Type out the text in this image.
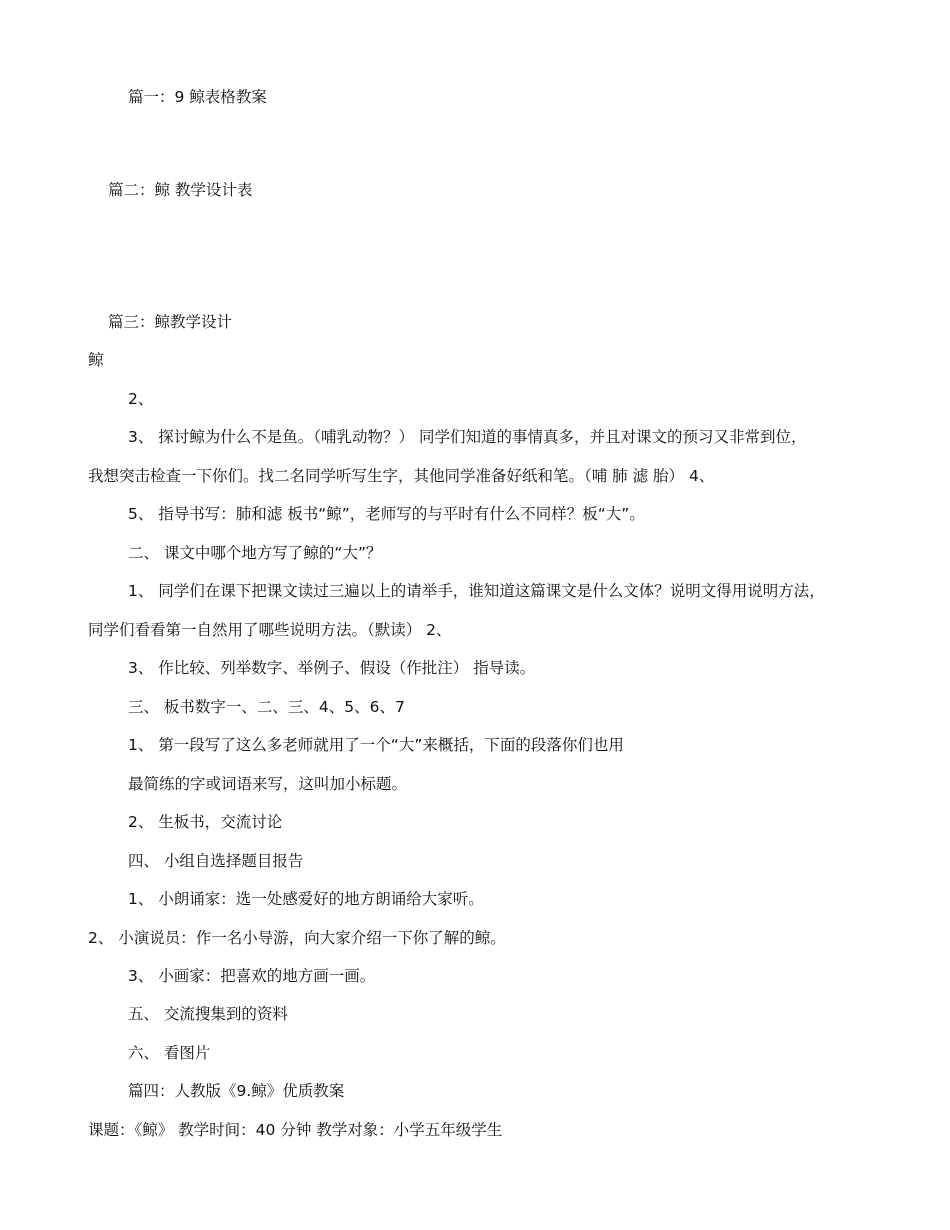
篇一：9 鲸表格教案
篇二：鲸 教学设计表
篇三：鲸教学设计
鲸
2、
3、 探讨鲸为什么不是鱼。（哺乳动物？） 同学们知道的事情真多，并且对课文的预习又非常到位，
我想突击检查一下你们。找二名同学听写生字，其他同学准备好纸和笔。（哺 肺 滤 胎） 4、
5、 指导书写：肺和滤 板书“鲸”，老师写的与平时有什么不同样？板“大”。
二、 课文中哪个地方写了鲸的“大”？
1、 同学们在课下把课文读过三遍以上的请举手，谁知道这篇课文是什么文体？说明文得用说明方法，
同学们看看第一自然用了哪些说明方法。（默读） 2、
3、 作比较、列举数字、举例子、假设（作批注） 指导读。
三、 板书数字一、二、三、4、5、6、7
1、 第一段写了这么多老师就用了一个“大”来概括，下面的段落你们也用
最简练的字或词语来写，这叫加小标题。
2、 生板书，交流讨论
四、 小组自选择题目报告
1、 小朗诵家：选一处感爱好的地方朗诵给大家听。
2、 小演说员：作一名小导游，向大家介绍一下你了解的鲸。
3、 小画家：把喜欢的地方画一画。
五、 交流搜集到的资料
六、 看图片
篇四：人教版《9.鲸》优质教案
课题：《鲸》 教学时间：40 分钟 教学对象：小学五年级学生
